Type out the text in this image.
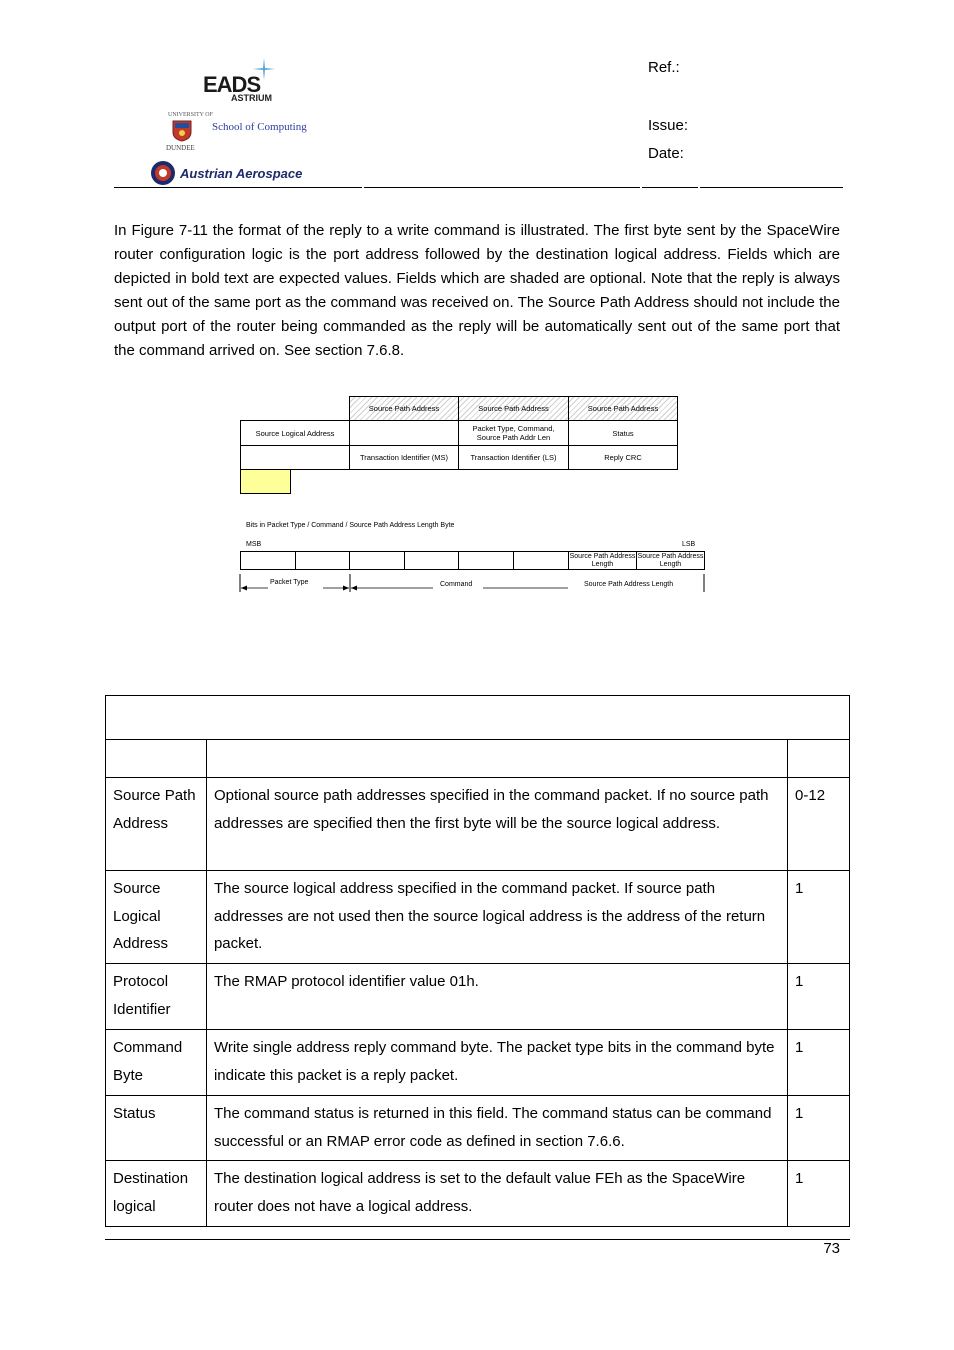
EADS
ASTRIUM
UNIVERSITY OF
School of Computing
DUNDEE
Austrian Aerospace
Ref.:
Issue:
Date:
In Figure 7-11 the format of the reply to a write command is illustrated. The first byte sent by the SpaceWire router configuration logic is the port address followed by the destination logical address. Fields which are depicted in bold text are expected values. Fields which are shaded are optional. Note that the reply is always sent out of the same port as the command was received on. The Source Path Address should not include the output port of the router being commanded as the reply will be automatically sent out of the same port that the command arrived on. See section 7.6.8.
Source Path Address	Source Path Address	Source Path Address
Source Logical Address	Packet Type, Command, Source Path Addr Len	Status
Transaction Identifier (MS)	Transaction Identifier (LS)	Reply CRC
Bits in Packet Type / Command / Source Path Address Length Byte
MSB	LSB
Source Path Address Length
Source Path Address Length
Packet Type	Command	Source Path Address Length

Source Path Address	Optional source path addresses specified in the command packet. If no source path addresses are specified then the first byte will be the source logical address.	0-12
Source Logical Address	The source logical address specified in the command packet. If source path addresses are not used then the source logical address is the address of the return packet.	1
Protocol Identifier	The RMAP protocol identifier value 01h.	1
Command Byte	Write single address reply command byte. The packet type bits in the command byte indicate this packet is a reply packet.	1
Status	The command status is returned in this field. The command status can be command successful or an RMAP error code as defined in section 7.6.6.	1
Destination logical	The destination logical address is set to the default value FEh as the SpaceWire router does not have a logical address.	1
73
